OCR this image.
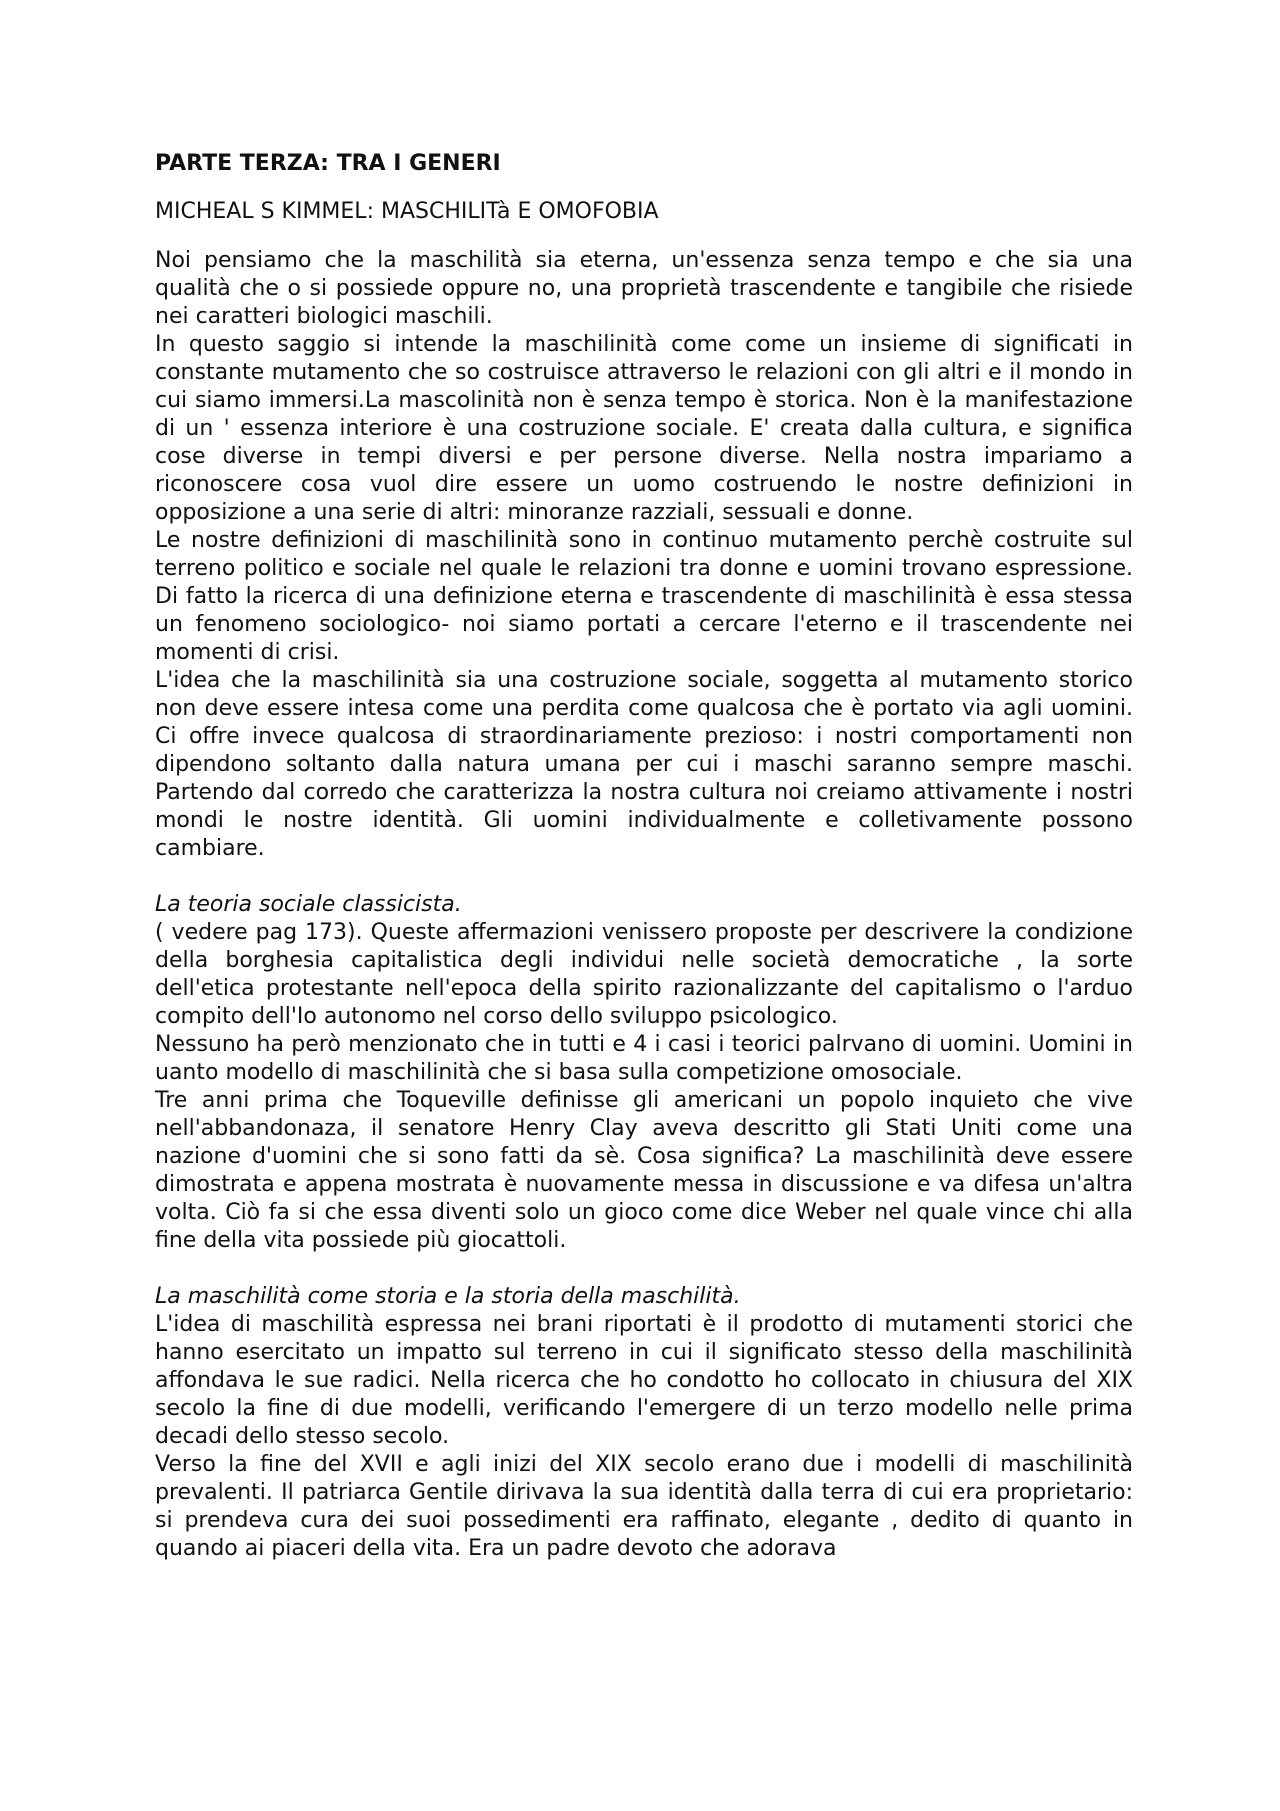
PARTE TERZA: TRA I GENERI

MICHEAL S KIMMEL: MASCHILITà E OMOFOBIA

Noi pensiamo che la maschilità sia eterna, un'essenza senza tempo e che sia una qualità che o si possiede oppure no, una proprietà trascendente e tangibile che risiede nei caratteri biologici maschili.

In questo saggio si intende la maschilinità come come un insieme di significati in constante mutamento che so costruisce attraverso le relazioni con gli altri e il mondo in cui siamo immersi.La mascolinità non è senza tempo è storica. Non è la manifestazione di un ' essenza interiore è una costruzione sociale. E' creata dalla cultura, e significa cose diverse in tempi diversi e per persone diverse. Nella nostra impariamo a riconoscere cosa vuol dire essere un uomo costruendo le nostre definizioni in opposizione a una serie di altri: minoranze razziali, sessuali e donne.

Le nostre definizioni di maschilinità sono in continuo mutamento perchè costruite sul terreno politico e sociale nel quale le relazioni tra donne e uomini trovano espressione. Di fatto la ricerca di una definizione eterna e trascendente di maschilinità è essa stessa un fenomeno sociologico- noi siamo portati a cercare l'eterno e il trascendente nei momenti di crisi.

L'idea che la maschilinità sia una costruzione sociale, soggetta al mutamento storico non deve essere intesa come una perdita come qualcosa che è portato via agli uomini. Ci offre invece qualcosa di straordinariamente prezioso: i nostri comportamenti non dipendono soltanto dalla natura umana per cui i maschi saranno sempre maschi. Partendo dal corredo che caratterizza la nostra cultura noi creiamo attivamente i nostri mondi le nostre identità. Gli uomini individualmente e colletivamente possono cambiare.

La teoria sociale classicista.

( vedere pag 173). Queste affermazioni venissero proposte per descrivere la condizione della borghesia capitalistica degli individui nelle società democratiche , la sorte dell'etica protestante nell'epoca della spirito razionalizzante del capitalismo o l'arduo compito dell'Io autonomo nel corso dello sviluppo psicologico.

Nessuno ha però menzionato che in tutti e 4 i casi i teorici palrvano di uomini. Uomini in uanto modello di maschilinità che si basa sulla competizione omosociale.

Tre anni prima che Toqueville definisse gli americani un popolo inquieto che vive nell'abbandonaza, il senatore Henry Clay aveva descritto gli Stati Uniti come una nazione d'uomini che si sono fatti da sè. Cosa significa? La maschilinità deve essere dimostrata e appena mostrata è nuovamente messa in discussione e va difesa un'altra volta. Ciò fa si che essa diventi solo un gioco come dice Weber nel quale vince chi alla fine della vita possiede più giocattoli.

La maschilità come storia e la storia della maschilità.

L'idea di maschilità espressa nei brani riportati è il prodotto di mutamenti storici che hanno esercitato un impatto sul terreno in cui il significato stesso della maschilinità affondava le sue radici. Nella ricerca che ho condotto ho collocato in chiusura del XIX secolo la fine di due modelli, verificando l'emergere di un terzo modello nelle prima decadi dello stesso secolo.

Verso la fine del XVII e agli inizi del XIX secolo erano due i modelli di maschilinità prevalenti. Il patriarca Gentile dirivava la sua identità dalla terra di cui era proprietario: si prendeva cura dei suoi possedimenti era raffinato, elegante , dedito di quanto in quando ai piaceri della vita. Era un padre devoto che adorava
